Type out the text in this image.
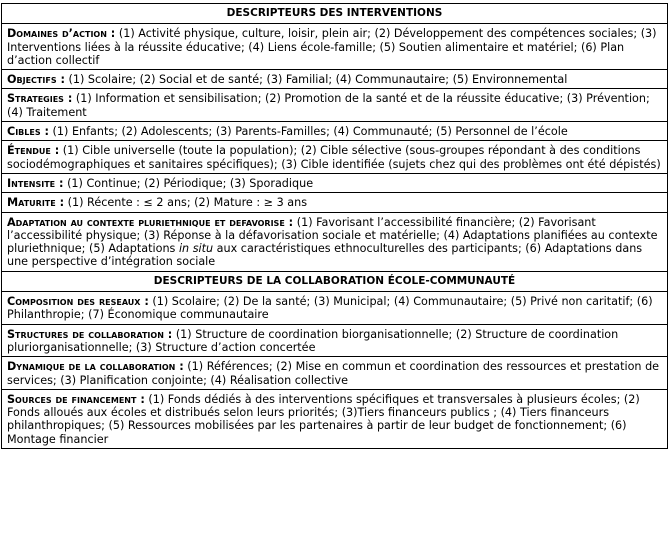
DESCRIPTEURS DES INTERVENTIONS
Domaines d’action : (1) Activité physique, culture, loisir, plein air; (2) Développement des compétences sociales; (3) Interventions liées à la réussite éducative; (4) Liens école-famille; (5) Soutien alimentaire et matériel; (6) Plan d’action collectif
Objectifs : (1) Scolaire; (2) Social et de santé; (3) Familial; (4) Communautaire; (5) Environnemental
Strategies : (1) Information et sensibilisation; (2) Promotion de la santé et de la réussite éducative; (3) Prévention; (4) Traitement
Cibles : (1) Enfants; (2) Adolescents; (3) Parents-Familles; (4) Communauté; (5) Personnel de l’école
Étendue : (1) Cible universelle (toute la population); (2) Cible sélective (sous-groupes répondant à des conditions sociodémographiques et sanitaires spécifiques); (3) Cible identifiée (sujets chez qui des problèmes ont été dépistés)
Intensite : (1) Continue; (2) Périodique; (3) Sporadique
Maturite : (1) Récente : ≤ 2 ans; (2) Mature : ≥ 3 ans
Adaptation au contexte pluriethnique et defavorise : (1) Favorisant l’accessibilité financière; (2) Favorisant l’accessibilité physique; (3) Réponse à la défavorisation sociale et matérielle; (4) Adaptations planifiées au contexte pluriethnique; (5) Adaptations in situ aux caractéristiques ethnoculturelles des participants; (6) Adaptations dans une perspective d’intégration sociale
DESCRIPTEURS DE LA COLLABORATION ÉCOLE-COMMUNAUTÉ
Composition des reseaux : (1) Scolaire; (2) De la santé; (3) Municipal; (4) Communautaire; (5) Privé non caritatif; (6) Philanthropie; (7) Économique communautaire
Structures de collaboration : (1) Structure de coordination biorganisationnelle; (2) Structure de coordination pluriorganisationnelle; (3) Structure d’action concertée
Dynamique de la collaboration : (1) Références; (2) Mise en commun et coordination des ressources et prestation de services; (3) Planification conjointe; (4) Réalisation collective
Sources de financement : (1) Fonds dédiés à des interventions spécifiques et transversales à plusieurs écoles; (2) Fonds alloués aux écoles et distribués selon leurs priorités; (3)Tiers financeurs publics ; (4) Tiers financeurs philanthropiques; (5) Ressources mobilisées par les partenaires à partir de leur budget de fonctionnement; (6) Montage financier
